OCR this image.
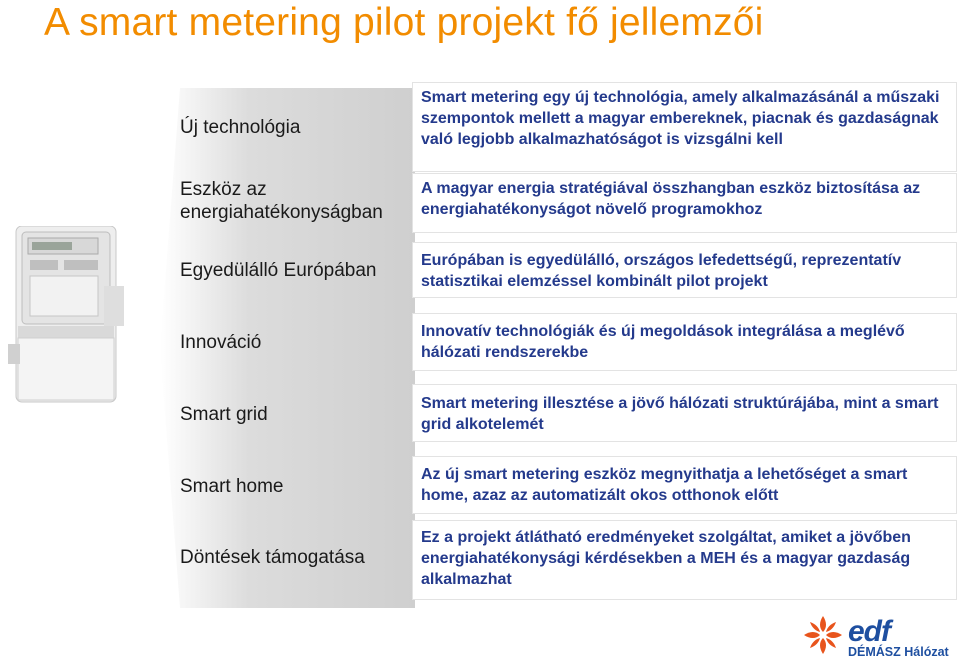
A smart metering pilot projekt fő jellemzői
Új technológia
Eszköz az energiahatékonyságban
Egyedülálló Európában
Innováció
Smart grid
Smart home
Döntések támogatása
Smart metering egy új technológia, amely alkalmazásánál a műszaki szempontok mellett a magyar embereknek, piacnak és gazdaságnak való legjobb alkalmazhatóságot is vizsgálni kell
A magyar energia stratégiával összhangban eszköz biztosítása az energiahatékonyságot növelő programokhoz
Európában is egyedülálló, országos lefedettségű, reprezentatív statisztikai elemzéssel kombinált pilot projekt
Innovatív technológiák és új megoldások integrálása a meglévő hálózati rendszerekbe
Smart metering illesztése a jövő hálózati struktúrájába, mint a smart grid alkotelemét
Az új smart metering eszköz megnyithatja a lehetőséget a smart home, azaz az automatizált okos otthonok előtt
Ez a projekt átlátható eredményeket szolgáltat, amiket a jövőben energiahatékonysági kérdésekben a MEH és a magyar gazdaság alkalmazhat
edf
DÉMÁSZ Hálózat
